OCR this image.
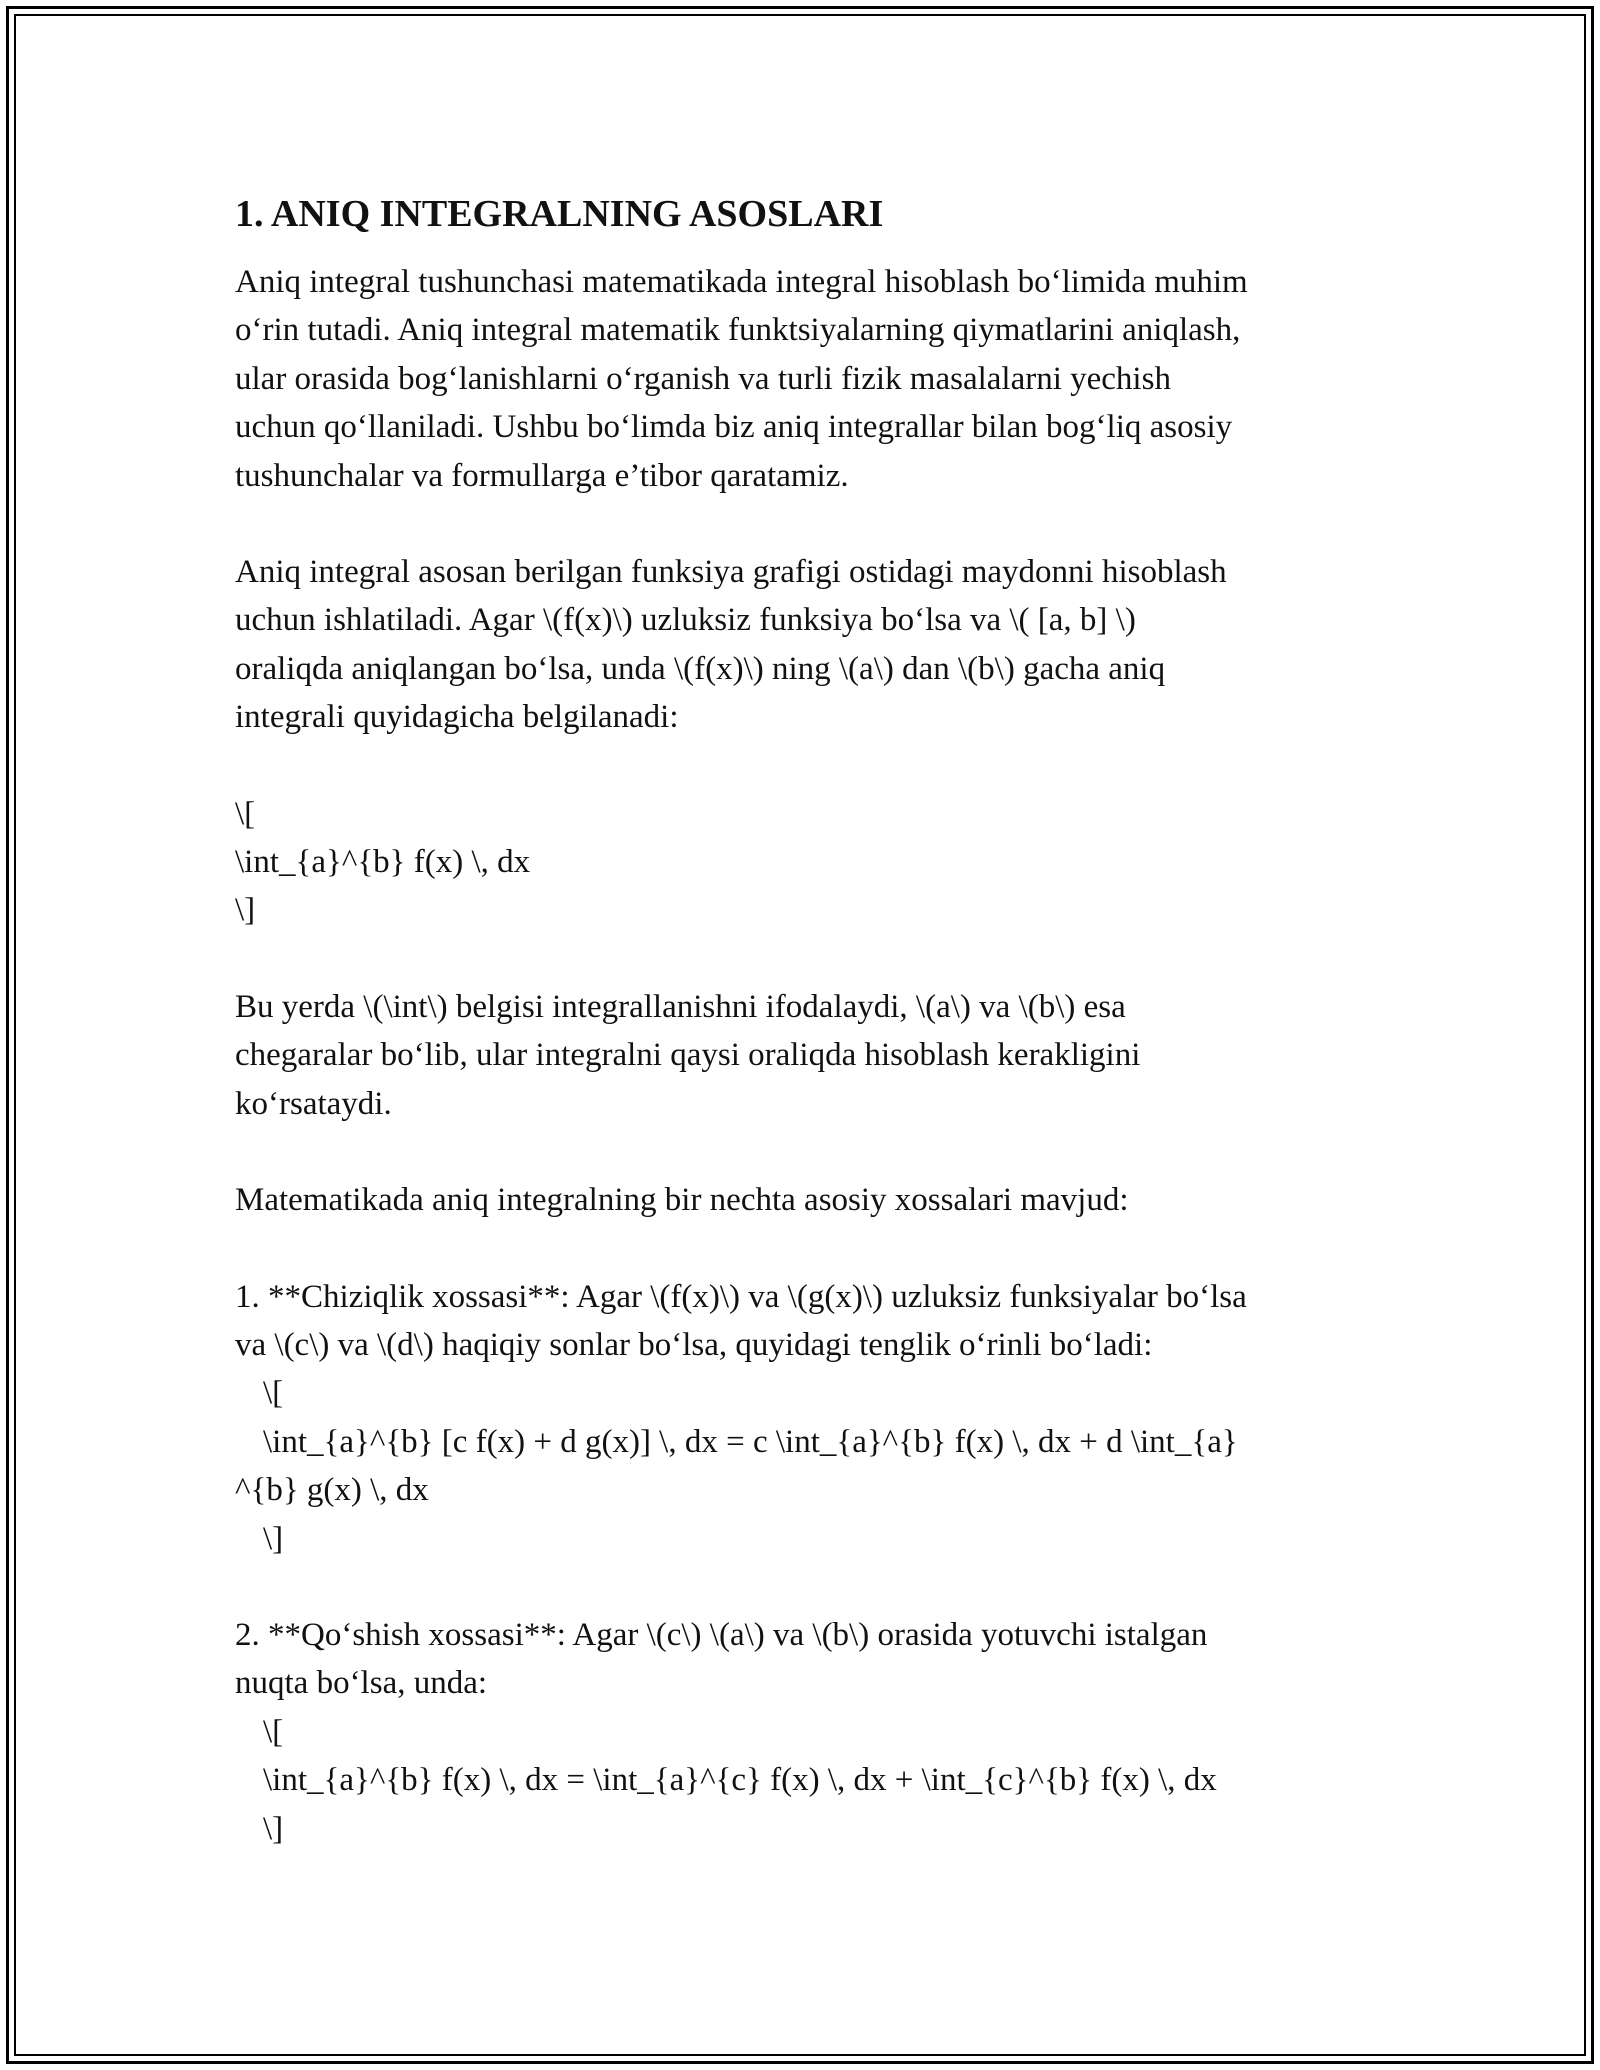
1. ANIQ INTEGRALNING ASOSLARI

Aniq integral tushunchasi matematikada integral hisoblash bo‘limida muhim
o‘rin tutadi. Aniq integral matematik funktsiyalarning qiymatlarini aniqlash,
ular orasida bog‘lanishlarni o‘rganish va turli fizik masalalarni yechish
uchun qo‘llaniladi. Ushbu bo‘limda biz aniq integrallar bilan bog‘liq asosiy
tushunchalar va formullarga e’tibor qaratamiz.

Aniq integral asosan berilgan funksiya grafigi ostidagi maydonni hisoblash
uchun ishlatiladi. Agar \(f(x)\) uzluksiz funksiya bo‘lsa va \( [a, b] \)
oraliqda aniqlangan bo‘lsa, unda \(f(x)\) ning \(a\) dan \(b\) gacha aniq
integrali quyidagicha belgilanadi:

\[
\int_{a}^{b} f(x) \, dx
\]

Bu yerda \(\int\) belgisi integrallanishni ifodalaydi, \(a\) va \(b\) esa
chegaralar bo‘lib, ular integralni qaysi oraliqda hisoblash kerakligini
ko‘rsataydi.

Matematikada aniq integralning bir nechta asosiy xossalari mavjud:

1. **Chiziqlik xossasi**: Agar \(f(x)\) va \(g(x)\) uzluksiz funksiyalar bo‘lsa
va \(c\) va \(d\) haqiqiy sonlar bo‘lsa, quyidagi tenglik o‘rinli bo‘ladi:
\[
\int_{a}^{b} [c f(x) + d g(x)] \, dx = c \int_{a}^{b} f(x) \, dx + d \int_{a}
^{b} g(x) \, dx
\]
2. **Qo‘shish xossasi**: Agar \(c\) \(a\) va \(b\) orasida yotuvchi istalgan
nuqta bo‘lsa, unda:
\[
\int_{a}^{b} f(x) \, dx = \int_{a}^{c} f(x) \, dx + \int_{c}^{b} f(x) \, dx
\]
